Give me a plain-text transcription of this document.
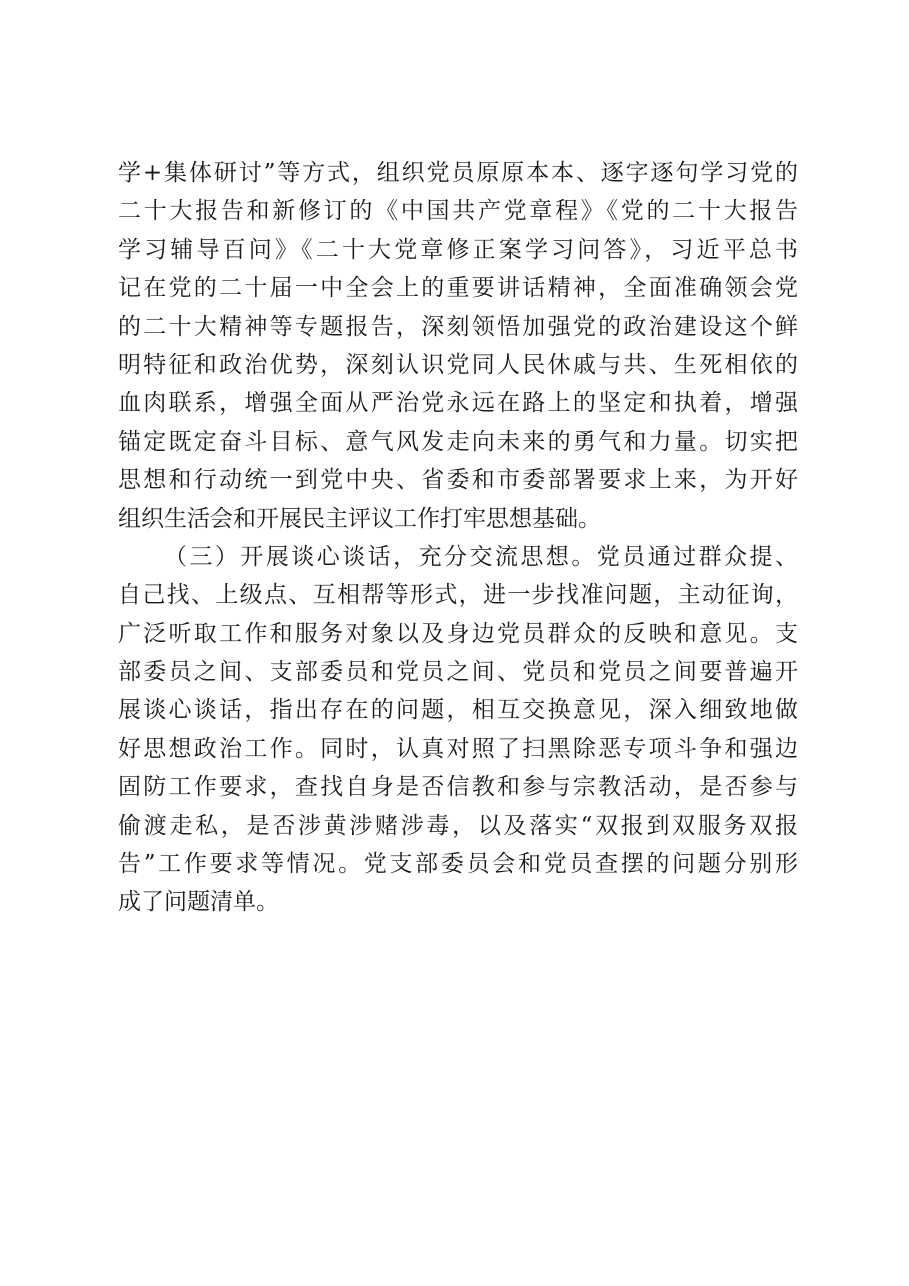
学+集体研讨”等方式，组织党员原原本本、逐字逐句学习党的
二十大报告和新修订的《中国共产党章程》《党的二十大报告
学习辅导百问》《二十大党章修正案学习问答》，习近平总书
记在党的二十届一中全会上的重要讲话精神，全面准确领会党
的二十大精神等专题报告，深刻领悟加强党的政治建设这个鲜
明特征和政治优势，深刻认识党同人民休戚与共、生死相依的
血肉联系，增强全面从严治党永远在路上的坚定和执着，增强
锚定既定奋斗目标、意气风发走向未来的勇气和力量。切实把
思想和行动统一到党中央、省委和市委部署要求上来，为开好
组织生活会和开展民主评议工作打牢思想基础。
（三）开展谈心谈话，充分交流思想。党员通过群众提、
自己找、上级点、互相帮等形式，进一步找准问题，主动征询，
广泛听取工作和服务对象以及身边党员群众的反映和意见。支
部委员之间、支部委员和党员之间、党员和党员之间要普遍开
展谈心谈话，指出存在的问题，相互交换意见，深入细致地做
好思想政治工作。同时，认真对照了扫黑除恶专项斗争和强边
固防工作要求，查找自身是否信教和参与宗教活动，是否参与
偷渡走私，是否涉黄涉赌涉毒，以及落实“双报到双服务双报
告”工作要求等情况。党支部委员会和党员查摆的问题分别形
成了问题清单。
